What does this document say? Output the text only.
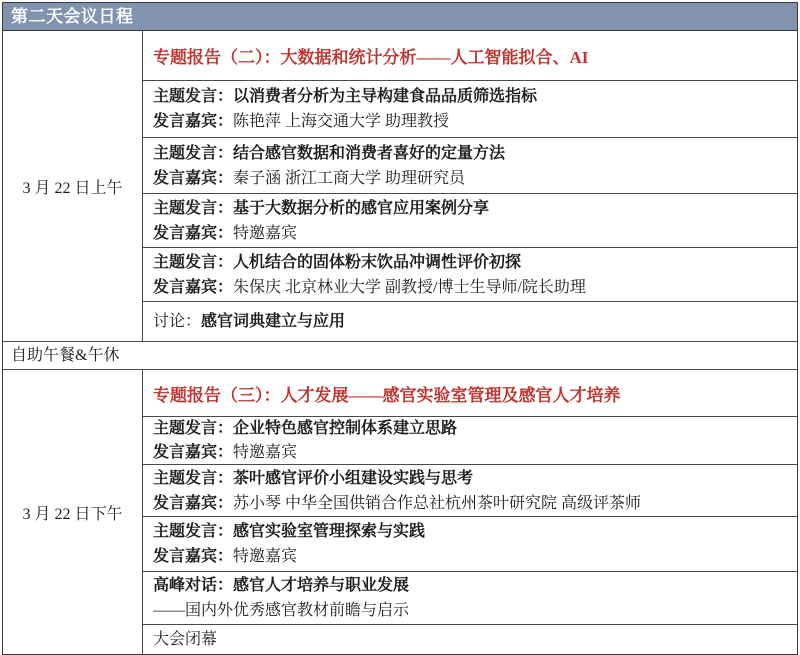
第二天会议日程
3 月 22 日上午
专题报告（二）：大数据和统计分析——人工智能拟合、AI
主题发言：以消费者分析为主导构建食品品质筛选指标
发言嘉宾：陈艳萍 上海交通大学 助理教授
主题发言：结合感官数据和消费者喜好的定量方法
发言嘉宾：秦子涵 浙江工商大学 助理研究员
主题发言：基于大数据分析的感官应用案例分享
发言嘉宾：特邀嘉宾
主题发言：人机结合的固体粉末饮品冲调性评价初探
发言嘉宾：朱保庆 北京林业大学 副教授/博士生导师/院长助理
讨论：感官词典建立与应用
自助午餐&午休
3 月 22 日下午
专题报告（三）：人才发展——感官实验室管理及感官人才培养
主题发言：企业特色感官控制体系建立思路
发言嘉宾：特邀嘉宾
主题发言：茶叶感官评价小组建设实践与思考
发言嘉宾：苏小琴 中华全国供销合作总社杭州茶叶研究院 高级评茶师
主题发言：感官实验室管理探索与实践
发言嘉宾：特邀嘉宾
高峰对话：感官人才培养与职业发展
——国内外优秀感官教材前瞻与启示
大会闭幕
